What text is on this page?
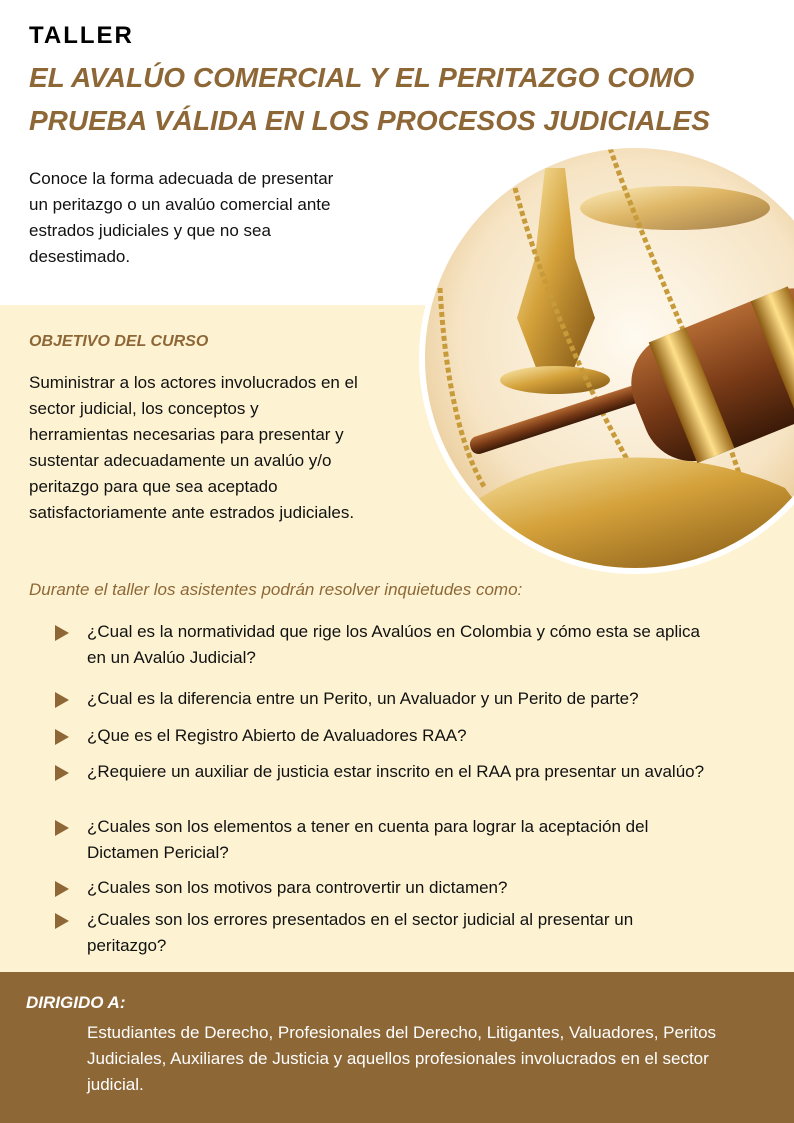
TALLER
EL AVALÚO COMERCIAL Y EL PERITAZGO COMO PRUEBA VÁLIDA EN LOS PROCESOS JUDICIALES
Conoce la forma adecuada de presentar un peritazgo o un avalúo comercial ante estrados judiciales y que no sea desestimado.
OBJETIVO DEL CURSO
Suministrar a los actores involucrados en el sector judicial, los conceptos y herramientas necesarias para presentar y sustentar adecuadamente un avalúo y/o peritazgo para que sea aceptado satisfactoriamente ante estrados judiciales.
Durante el taller los asistentes podrán resolver inquietudes como:
¿Cual es la normatividad que rige los Avalúos en Colombia y cómo esta se aplica en un Avalúo Judicial?
¿Cual es la diferencia entre un Perito, un Avaluador y un Perito de parte?
¿Que es el Registro Abierto de Avaluadores RAA?
¿Requiere un auxiliar de justicia estar inscrito en el RAA pra presentar un avalúo?
¿Cuales son los elementos a tener en cuenta para lograr la aceptación del Dictamen Pericial?
¿Cuales son los motivos para controvertir un dictamen?
¿Cuales son los errores presentados en el sector judicial al presentar un peritazgo?
DIRIGIDO A:
Estudiantes de Derecho, Profesionales del Derecho, Litigantes, Valuadores, Peritos Judiciales, Auxiliares de Justicia y aquellos profesionales involucrados en el sector judicial.
